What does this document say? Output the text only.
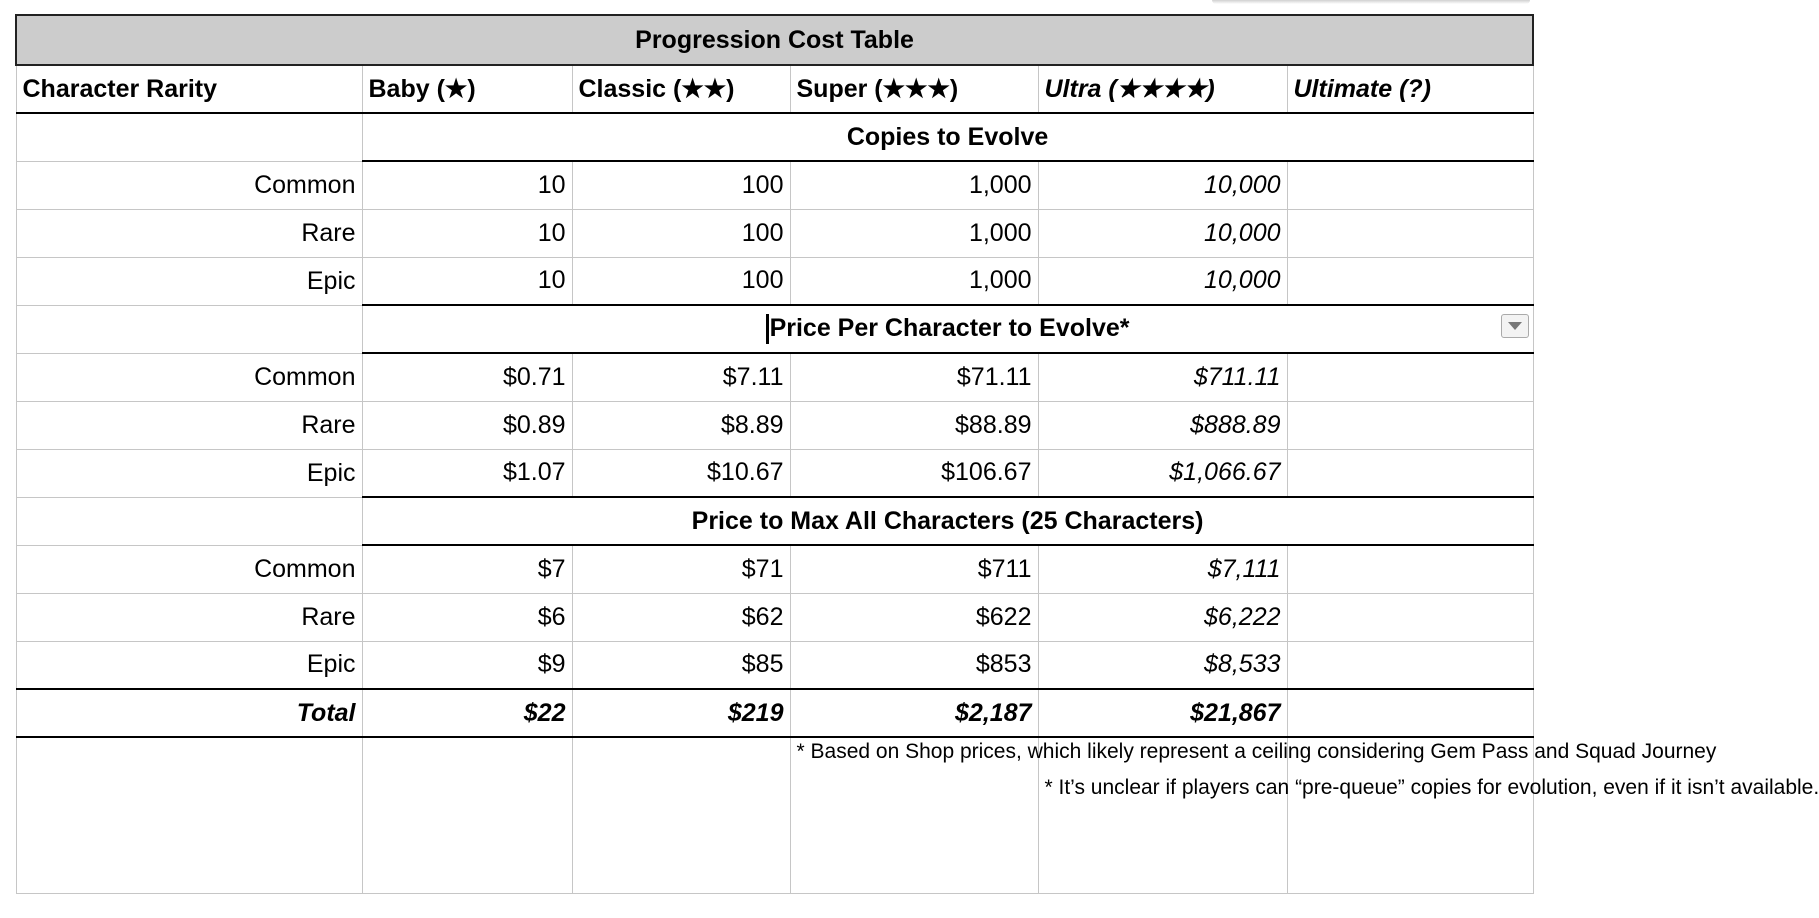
Progression Cost Table					
Character Rarity	Baby (★)	Classic (★★)	Super (★★★)	Ultra (★★★★)	Ultimate (?)
	Copies to Evolve				
Common	10	100	1,000	10,000	
Rare	10	100	1,000	10,000	
Epic	10	100	1,000	10,000	
	Price Per Character to Evolve*				

Common	$0.71	$7.11	$71.11	$711.11	
Rare	$0.89	$8.89	$88.89	$888.89	
Epic	$1.07	$10.67	$106.67	$1,066.67	
	Price to Max All Characters (25 Characters)				
Common	$7	$71	$711	$7,111	
Rare	$6	$62	$622	$6,222	
Epic	$9	$85	$853	$8,533	
Total	$22	$219	$2,187	$21,867	
			* Based on Shop prices, which likely represent a ceiling considering Gem Pass and Squad Journey	* It’s unclear if players can “pre-queue” copies for evolution, even if it isn’t available.	
